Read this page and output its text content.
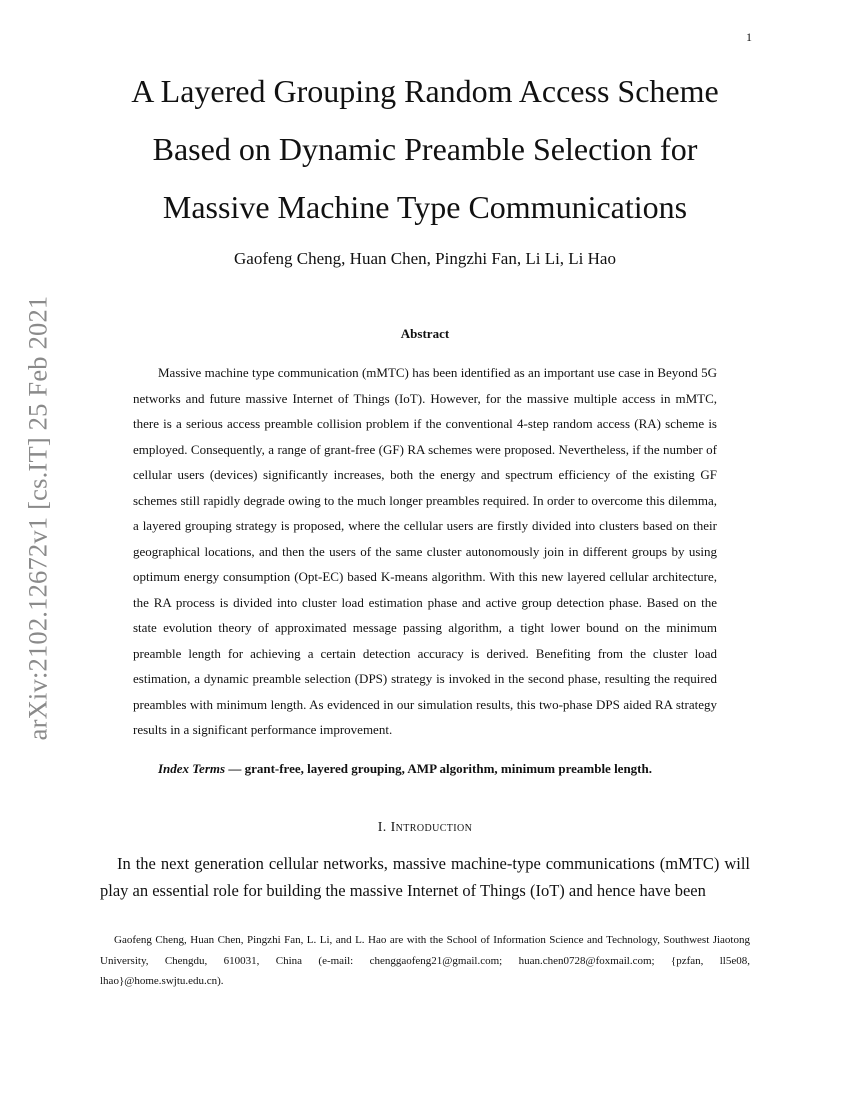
1
arXiv:2102.12672v1 [cs.IT] 25 Feb 2021
A Layered Grouping Random Access Scheme
Based on Dynamic Preamble Selection for
Massive Machine Type Communications
Gaofeng Cheng, Huan Chen, Pingzhi Fan, Li Li, Li Hao
Abstract
Massive machine type communication (mMTC) has been identified as an important use case in Beyond 5G networks and future massive Internet of Things (IoT). However, for the massive multiple access in mMTC, there is a serious access preamble collision problem if the conventional 4-step random access (RA) scheme is employed. Consequently, a range of grant-free (GF) RA schemes were proposed. Nevertheless, if the number of cellular users (devices) significantly increases, both the energy and spectrum efficiency of the existing GF schemes still rapidly degrade owing to the much longer preambles required. In order to overcome this dilemma, a layered grouping strategy is proposed, where the cellular users are firstly divided into clusters based on their geographical locations, and then the users of the same cluster autonomously join in different groups by using optimum energy consumption (Opt-EC) based K-means algorithm. With this new layered cellular architecture, the RA process is divided into cluster load estimation phase and active group detection phase. Based on the state evolution theory of approximated message passing algorithm, a tight lower bound on the minimum preamble length for achieving a certain detection accuracy is derived. Benefiting from the cluster load estimation, a dynamic preamble selection (DPS) strategy is invoked in the second phase, resulting the required preambles with minimum length. As evidenced in our simulation results, this two-phase DPS aided RA strategy results in a significant performance improvement.
Index Terms — grant-free, layered grouping, AMP algorithm, minimum preamble length.
I. Introduction
In the next generation cellular networks, massive machine-type communications (mMTC) will play an essential role for building the massive Internet of Things (IoT) and hence have been
Gaofeng Cheng, Huan Chen, Pingzhi Fan, L. Li, and L. Hao are with the School of Information Science and Technology, Southwest Jiaotong University, Chengdu, 610031, China (e-mail: chenggaofeng21@gmail.com; huan.chen0728@foxmail.com; {pzfan, ll5e08, lhao}@home.swjtu.edu.cn).
